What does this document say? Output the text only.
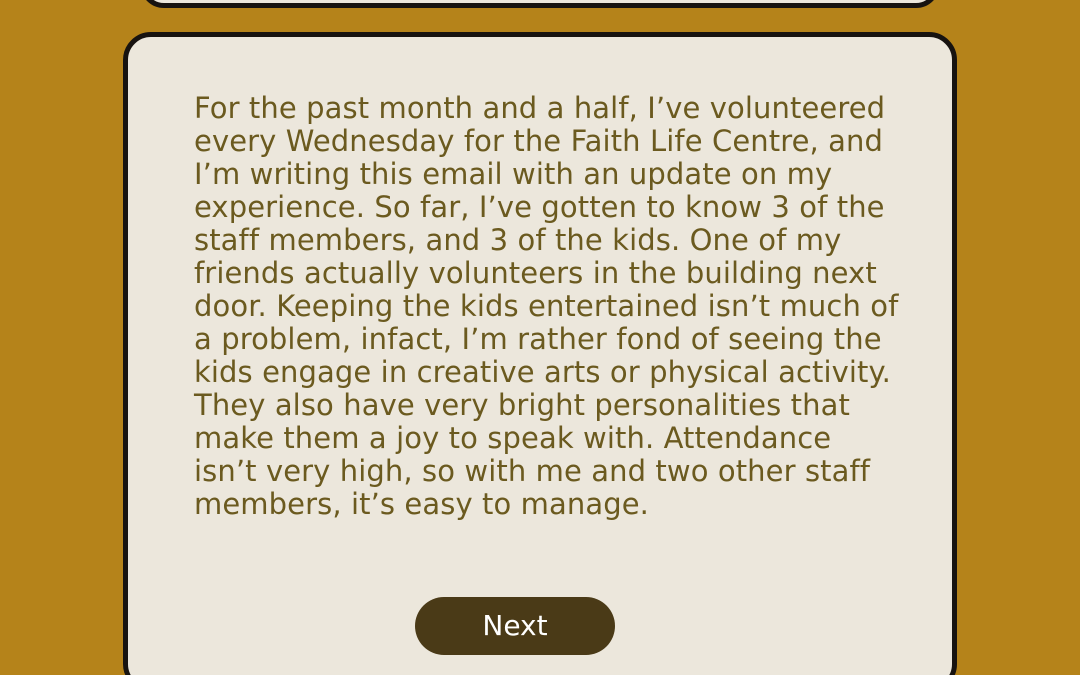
For the past month and a half, I’ve volunteered every Wednesday for the Faith Life Centre, and I’m writing this email with an update on my experience. So far, I’ve gotten to know 3 of the staff members, and 3 of the kids. One of my friends actually volunteers in the building next door. Keeping the kids entertained isn’t much of a problem, infact, I’m rather fond of seeing the kids engage in creative arts or physical activity. They also have very bright personalities that make them a joy to speak with. Attendance isn’t very high, so with me and two other staff members, it’s easy to manage.
Next
